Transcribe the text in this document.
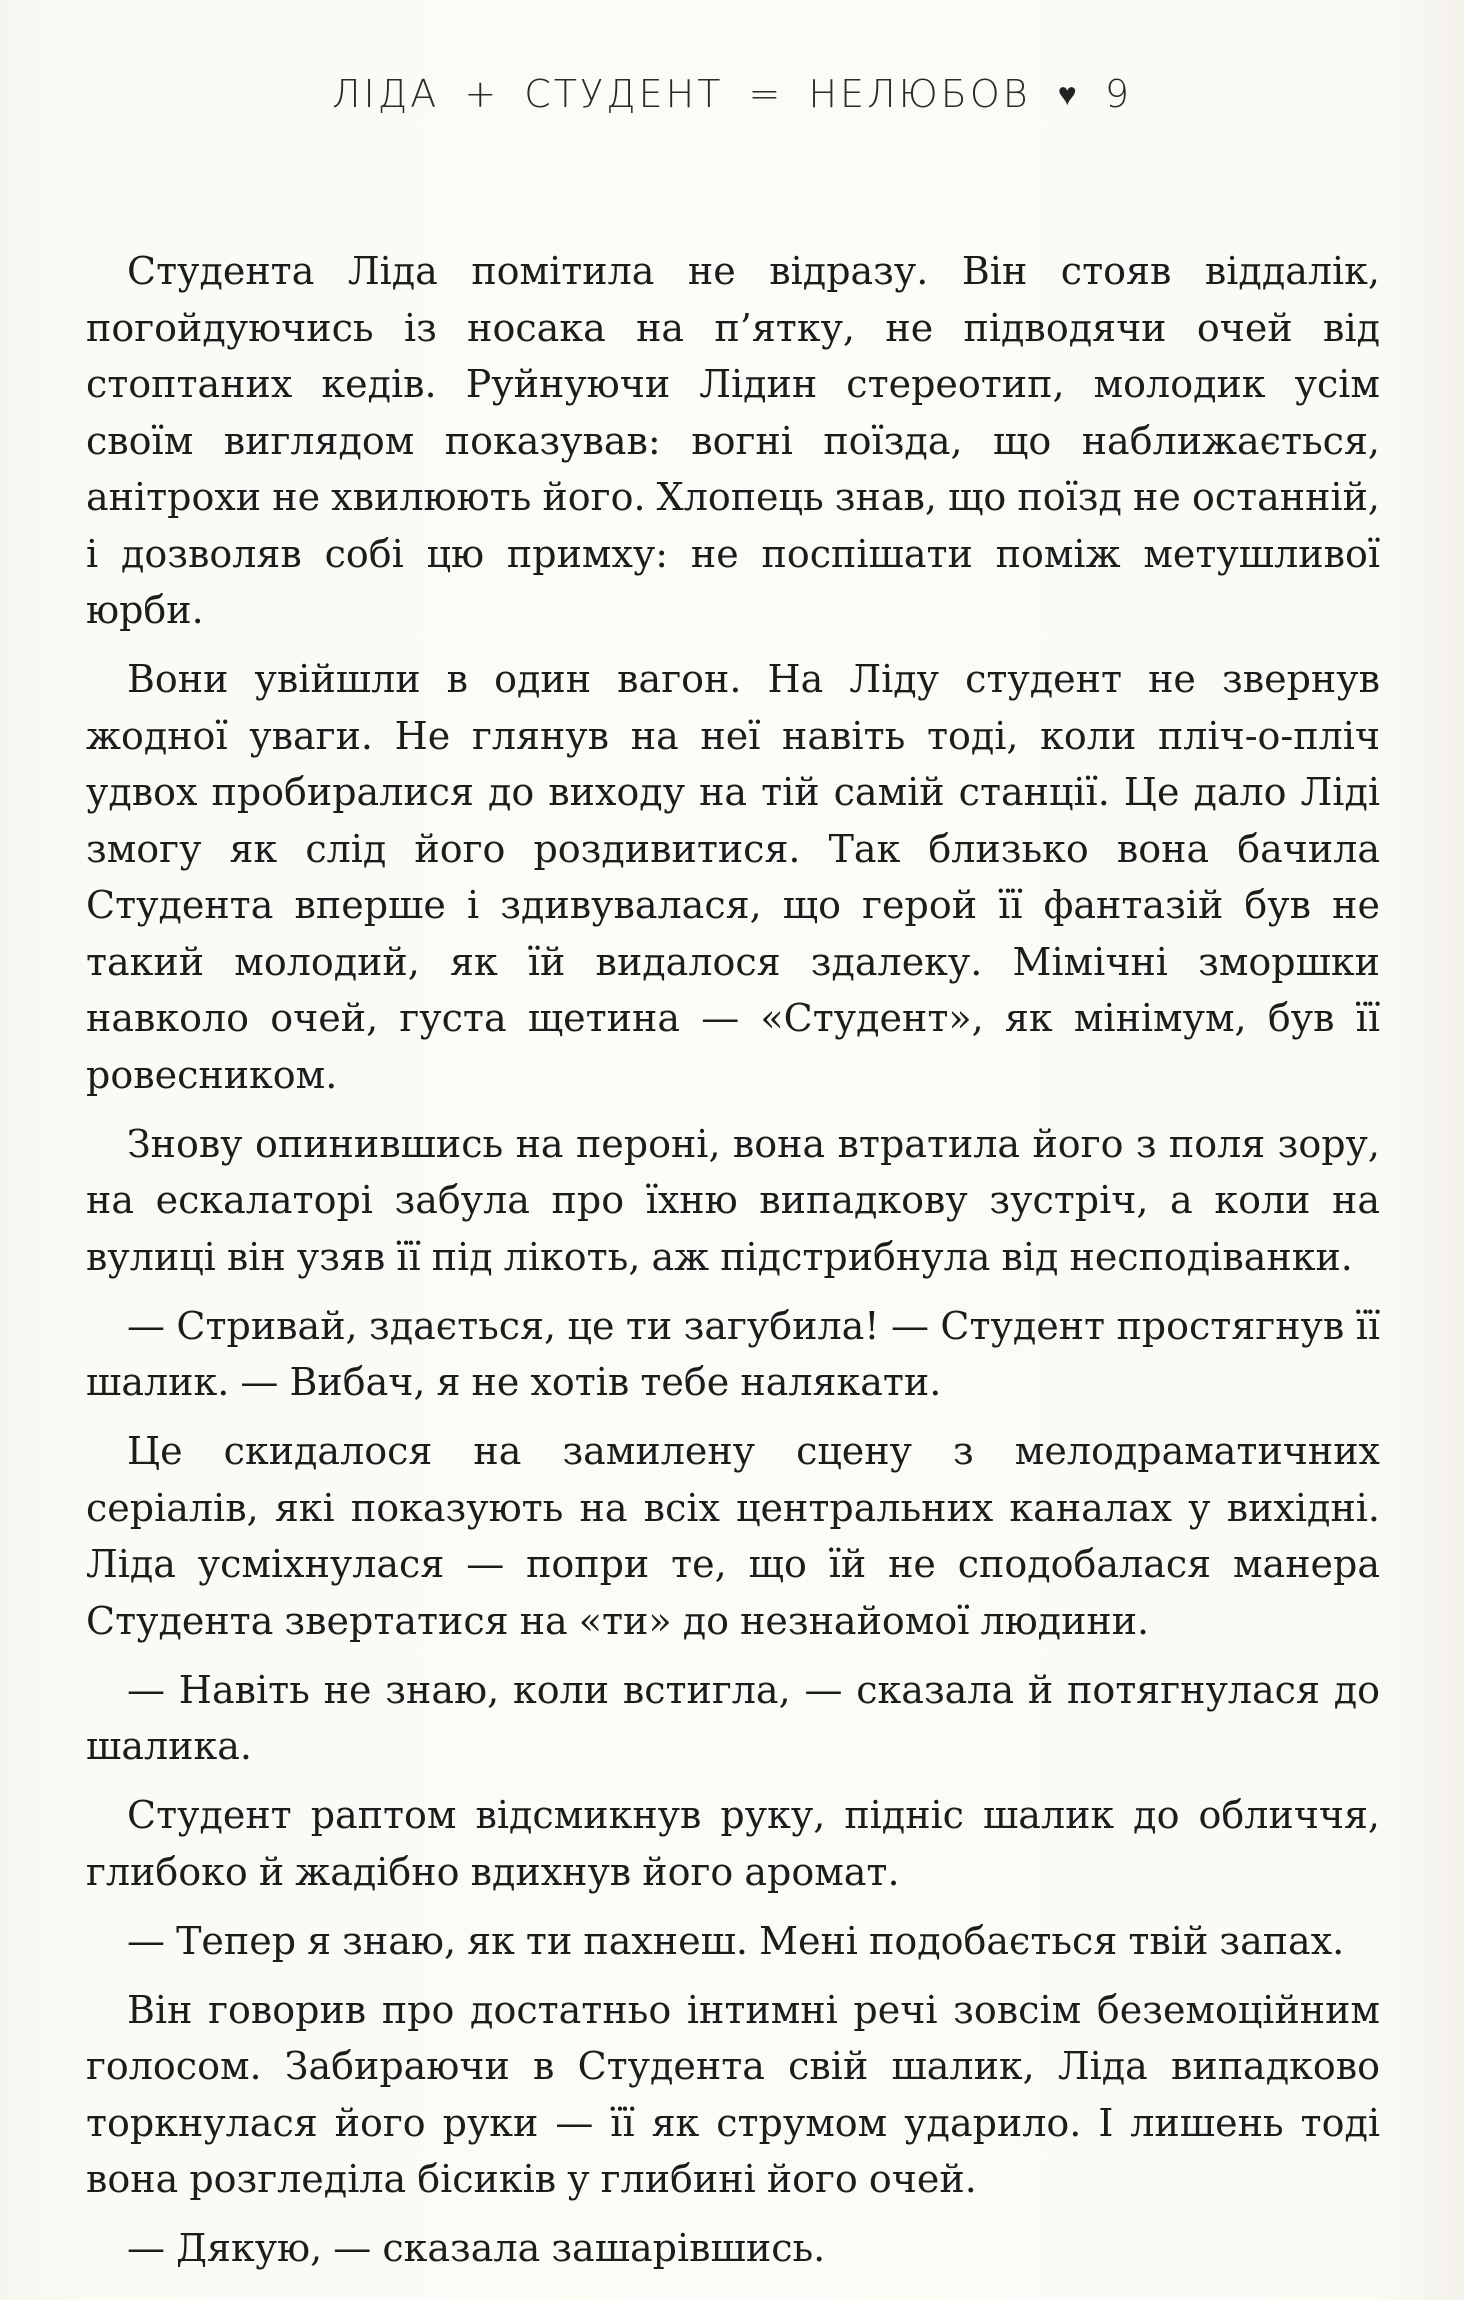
ЛІДА + СТУДЕНТ = НЕЛЮБОВ ♥ 9

Студента Ліда помітила не відразу. Він стояв віддалік, погойдуючись із носака на п’ятку, не підводячи очей від стоптаних кедів. Руйнуючи Лідин стереотип, молодик усім своїм виглядом показував: вогні поїзда, що наближається, анітрохи не хвилюють його. Хлопець знав, що поїзд не останній, і дозволяв собі цю примху: не поспішати поміж метушливої юрби.

Вони увійшли в один вагон. На Ліду студент не звернув жодної уваги. Не глянув на неї навіть тоді, коли пліч-о-пліч удвох пробиралися до виходу на тій самій станції. Це дало Ліді змогу як слід його роздивитися. Так близько вона бачила Студента вперше і здивувалася, що герой її фантазій був не такий молодий, як їй видалося здалеку. Мімічні зморшки навколо очей, густа щетина — «Студент», як мінімум, був її ровесником.

Знову опинившись на пероні, вона втратила його з поля зору, на ескалаторі забула про їхню випадкову зустріч, а коли на вулиці він узяв її під лікоть, аж підстрибнула від несподіванки.

— Стривай, здається, це ти загубила! — Студент простягнув її шалик. — Вибач, я не хотів тебе налякати.

Це скидалося на замилену сцену з мелодраматичних серіалів, які показують на всіх центральних каналах у вихідні. Ліда усміхнулася — попри те, що їй не сподобалася манера Студента звертатися на «ти» до незнайомої людини.

— Навіть не знаю, коли встигла, — сказала й потягнулася до шалика.

Студент раптом відсмикнув руку, підніс шалик до обличчя, глибоко й жадібно вдихнув його аромат.

— Тепер я знаю, як ти пахнеш. Мені подобається твій запах.

Він говорив про достатньо інтимні речі зовсім беземоційним голосом. Забираючи в Студента свій шалик, Ліда випадково торкнулася його руки — її як струмом ударило. І лишень тоді вона розгледіла бісиків у глибині його очей.

— Дякую, — сказала зашарівшись.
